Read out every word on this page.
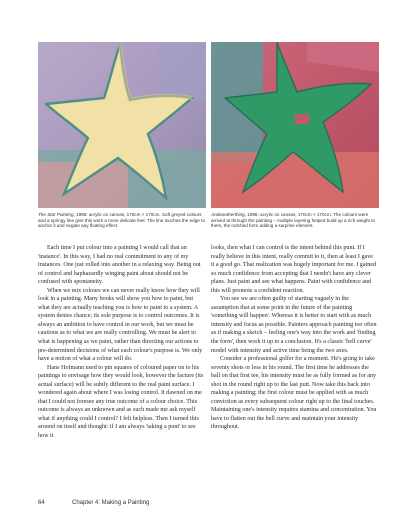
The Star Painting, 1996: acrylic on canvas, 170cm × 170cm. Soft greyed colours and a springy line give this work a more delicate feel. The line touches the edge to anchor it and negate any floating effect.
Andanotherthing, 1996: acrylic on canvas, 170cm × 170cm. The colours were arrived at through the painting – multiple layering helped build up a rich weight to them, the notched form adding a surprise element.

Each time I put colour into a painting I would call that an 'instance'. In this way, I had no real commitment to any of my instances. One just rolled into another in a relaxing way. Being out of control and haphazardly winging paint about should not be confused with spontaneity.

When we mix colours we can never really know how they will look in a painting. Many books will show you how to paint, but what they are actually teaching you is how to paint to a system. A system denies chance; its sole purpose is to control outcomes. It is always an ambition to have control in our work, but we must be cautious as to what we are really controlling. We must be alert to what is happening as we paint, rather than directing our actions to pre-determined decisions of what each colour's purpose is. We only have a notion of what a colour will do.

Hans Hofmann used to pin squares of coloured paper on to his paintings to envisage how they would look, however the facture (its actual surface) will be subtly different to the real paint surface. I wondered again about where I was losing control. It dawned on me that I could not foresee any true outcome of a colour choice. This outcome is always an unknown and as such made me ask myself what if anything could I control? I felt helpless. Then I turned this around on itself and thought: if I am always 'taking a punt' to see how it

looks, then what I can control is the intent behind this punt. If I really believe in this intent, really commit to it, then at least I gave it a good go. That realization was hugely important for me. I gained so much confidence from accepting that I needn't have any clever plans. Just paint and see what happens. Paint with confidence and this will promote a confident reaction.

You see we are often guilty of starting vaguely in the assumption that at some point in the future of the painting 'something will happen'. Whereas it is better to start with as much intensity and focus as possible. Painters approach painting too often as if making a sketch – feeling one's way into the work and 'finding the form', then work it up to a conclusion. It's a classic 'bell curve' model with intensity and active time being the two axes.

Consider a professional golfer for a moment. He's going to take seventy shots or less in his round. The first time he addresses the ball on that first tee, his intensity must be as fully formed as for any shot in the round right up to the last putt. Now take this back into making a painting; the first colour must be applied with as much conviction as every subsequent colour right up to the final touches. Maintaining one's intensity requires stamina and concentration. You have to flatten out the bell curve and maintain your intensity throughout.

64	Chapter 4: Making a Painting
